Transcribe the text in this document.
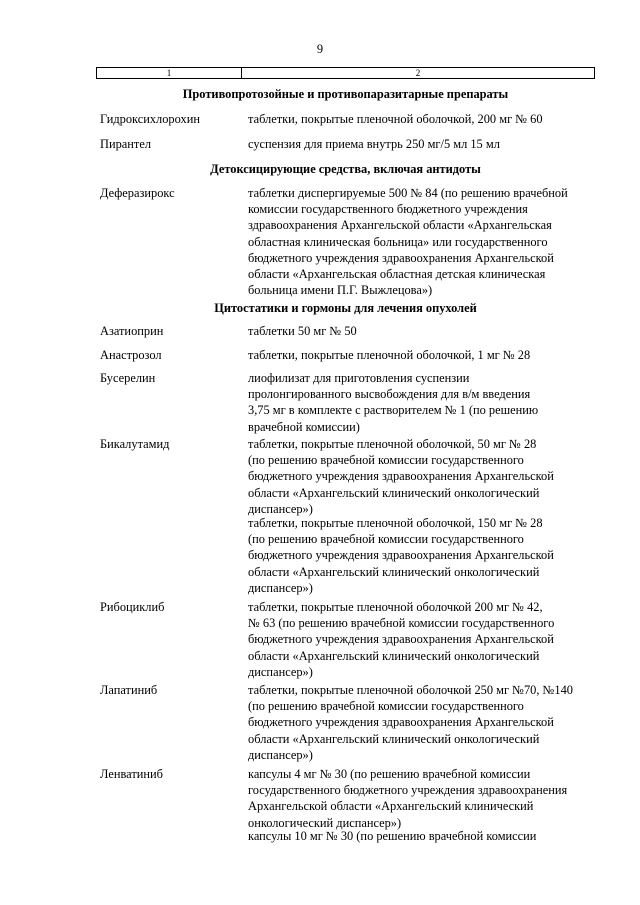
9
1	2
Противопротозойные и противопаразитарные препараты
Гидроксихлорохин	таблетки, покрытые пленочной оболочкой, 200 мг № 60
Пирантел	суспензия для приема внутрь 250 мг/5 мл 15 мл
Детоксицирующие средства, включая антидоты
Деферазирокс	таблетки диспергируемые 500 № 84 (по решению врачебной
комиссии государственного бюджетного учреждения
здравоохранения Архангельской области «Архангельская
областная клиническая больница» или государственного
бюджетного учреждения здравоохранения Архангельской
области «Архангельская областная детская клиническая
больница имени П.Г. Выжлецова»)
Цитостатики и гормоны для лечения опухолей
Азатиоприн	таблетки 50 мг № 50
Анастрозол	таблетки, покрытые пленочной оболочкой, 1 мг № 28
Бусерелин	лиофилизат для приготовления суспензии
пролонгированного высвобождения для в/м введения
3,75 мг в комплекте с растворителем № 1 (по решению
врачебной комиссии)
Бикалутамид	таблетки, покрытые пленочной оболочкой, 50 мг № 28
(по решению врачебной комиссии государственного
бюджетного учреждения здравоохранения Архангельской
области «Архангельский клинический онкологический
диспансер»)
таблетки, покрытые пленочной оболочкой, 150 мг № 28
(по решению врачебной комиссии государственного
бюджетного учреждения здравоохранения Архангельской
области «Архангельский клинический онкологический
диспансер»)
Рибоциклиб	таблетки, покрытые пленочной оболочкой 200 мг № 42,
№ 63 (по решению врачебной комиссии государственного
бюджетного учреждения здравоохранения Архангельской
области «Архангельский клинический онкологический
диспансер»)
Лапатиниб	таблетки, покрытые пленочной оболочкой 250 мг №70, №140
(по решению врачебной комиссии государственного
бюджетного учреждения здравоохранения Архангельской
области «Архангельский клинический онкологический
диспансер»)
Ленватиниб	капсулы 4 мг № 30 (по решению врачебной комиссии
государственного бюджетного учреждения здравоохранения
Архангельской области «Архангельский клинический
онкологический диспансер»)
капсулы 10 мг № 30 (по решению врачебной комиссии
